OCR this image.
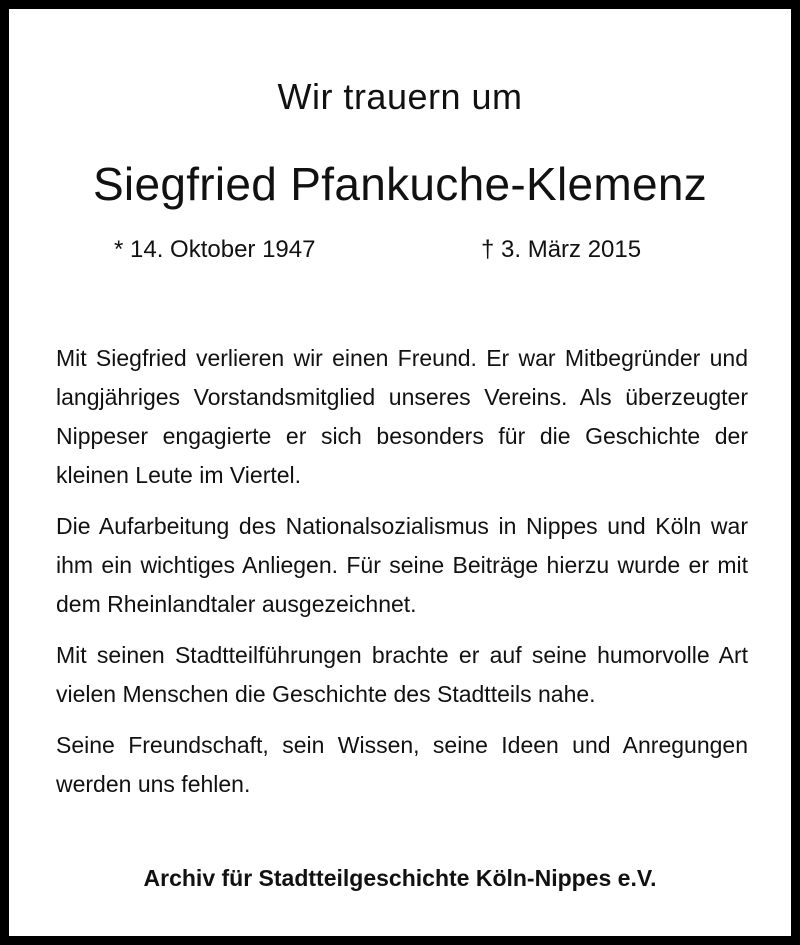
Wir trauern um
Siegfried Pfankuche-Klemenz
* 14. Oktober 1947	† 3. März 2015

Mit Siegfried verlieren wir einen Freund. Er war Mitbegründer und langjähriges Vorstandsmitglied unseres Vereins. Als überzeugter Nippeser engagierte er sich besonders für die Geschichte der kleinen Leute im Viertel.

Die Aufarbeitung des Nationalsozialismus in Nippes und Köln war ihm ein wichtiges Anliegen. Für seine Beiträge hierzu wurde er mit dem Rheinlandtaler ausgezeichnet.

Mit seinen Stadtteilführungen brachte er auf seine humorvolle Art vielen Menschen die Geschichte des Stadtteils nahe.

Seine Freundschaft, sein Wissen, seine Ideen und Anregungen werden uns fehlen.

Archiv für Stadtteilgeschichte Köln-Nippes e.V.
